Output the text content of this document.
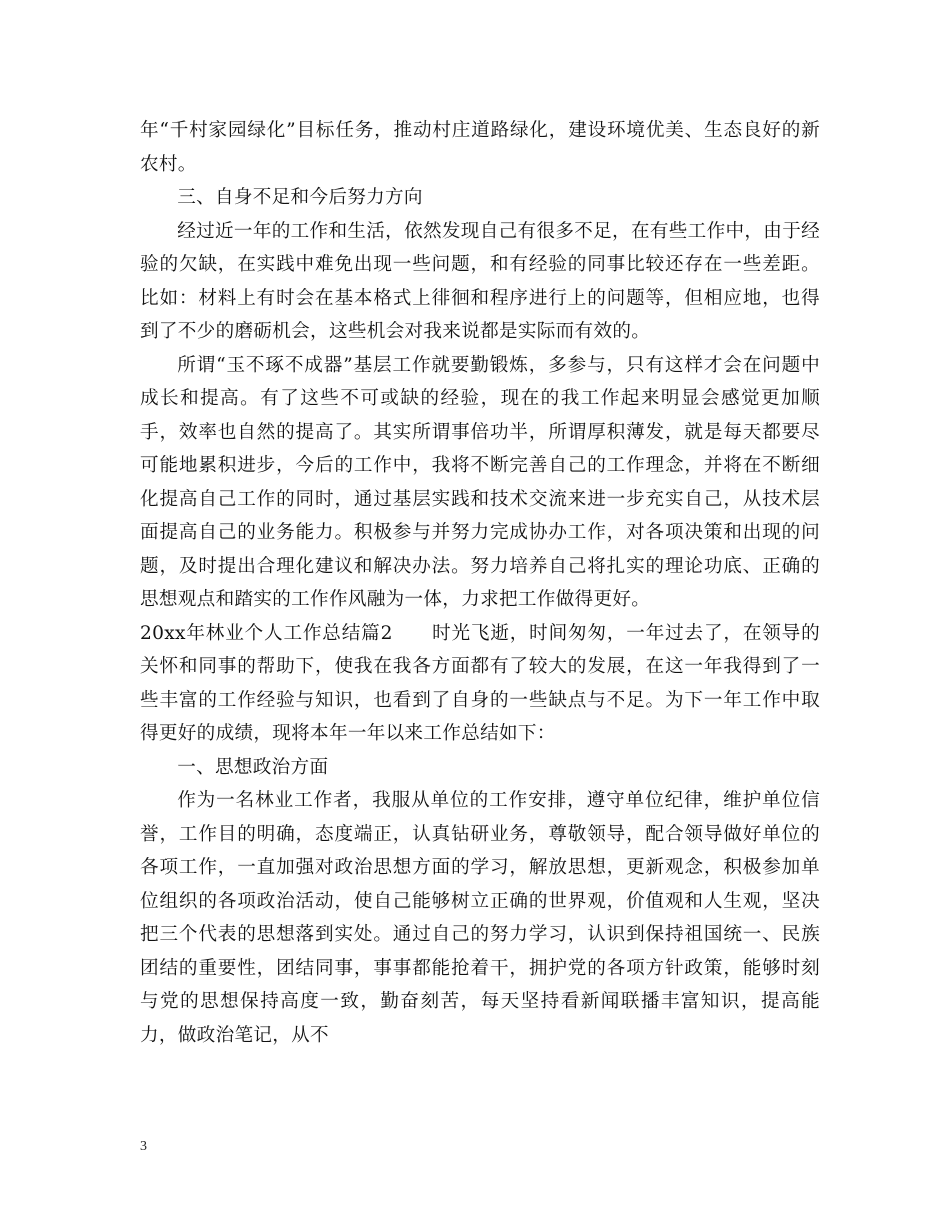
年“千村家园绿化”目标任务，推动村庄道路绿化，建设环境优美、生态良好的新农村。

三、自身不足和今后努力方向

经过近一年的工作和生活，依然发现自己有很多不足，在有些工作中，由于经验的欠缺，在实践中难免出现一些问题，和有经验的同事比较还存在一些差距。比如：材料上有时会在基本格式上徘徊和程序进行上的问题等，但相应地，也得到了不少的磨砺机会，这些机会对我来说都是实际而有效的。

所谓“玉不琢不成器”基层工作就要勤锻炼，多参与，只有这样才会在问题中成长和提高。有了这些不可或缺的经验，现在的我工作起来明显会感觉更加顺手，效率也自然的提高了。其实所谓事倍功半，所谓厚积薄发，就是每天都要尽可能地累积进步，今后的工作中，我将不断完善自己的工作理念，并将在不断细化提高自己工作的同时，通过基层实践和技术交流来进一步充实自己，从技术层面提高自己的业务能力。积极参与并努力完成协办工作，对各项决策和出现的问题，及时提出合理化建议和解决办法。努力培养自己将扎实的理论功底、正确的思想观点和踏实的工作作风融为一体，力求把工作做得更好。

20xx年林业个人工作总结篇2　　时光飞逝，时间匆匆，一年过去了，在领导的关怀和同事的帮助下，使我在我各方面都有了较大的发展，在这一年我得到了一些丰富的工作经验与知识，也看到了自身的一些缺点与不足。为下一年工作中取得更好的成绩，现将本年一年以来工作总结如下：

一、思想政治方面

作为一名林业工作者，我服从单位的工作安排，遵守单位纪律，维护单位信誉，工作目的明确，态度端正，认真钻研业务，尊敬领导，配合领导做好单位的各项工作，一直加强对政治思想方面的学习，解放思想，更新观念，积极参加单位组织的各项政治活动，使自己能够树立正确的世界观，价值观和人生观，坚决把三个代表的思想落到实处。通过自己的努力学习，认识到保持祖国统一、民族团结的重要性，团结同事，事事都能抢着干，拥护党的各项方针政策，能够时刻与党的思想保持高度一致，勤奋刻苦，每天坚持看新闻联播丰富知识，提高能力，做政治笔记，从不

3
